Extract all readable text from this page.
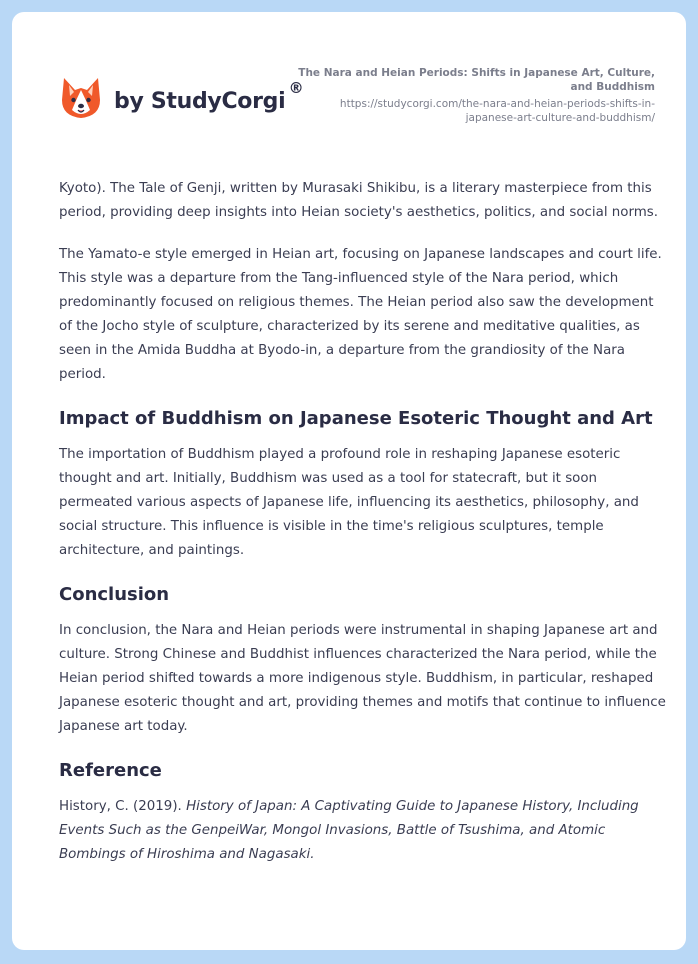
by StudyCorgi
®
The Nara and Heian Periods: Shifts in Japanese Art, Culture, and Buddhism
https://studycorgi.com/the-nara-and-heian-periods-shifts-in-japanese-art-culture-and-buddhism/

Kyoto). The Tale of Genji, written by Murasaki Shikibu, is a literary masterpiece from this period, providing deep insights into Heian society's aesthetics, politics, and social norms.

The Yamato-e style emerged in Heian art, focusing on Japanese landscapes and court life. This style was a departure from the Tang-influenced style of the Nara period, which predominantly focused on religious themes. The Heian period also saw the development of the Jocho style of sculpture, characterized by its serene and meditative qualities, as seen in the Amida Buddha at Byodo-in, a departure from the grandiosity of the Nara period.

Impact of Buddhism on Japanese Esoteric Thought and Art

The importation of Buddhism played a profound role in reshaping Japanese esoteric thought and art. Initially, Buddhism was used as a tool for statecraft, but it soon permeated various aspects of Japanese life, influencing its aesthetics, philosophy, and social structure. This influence is visible in the time's religious sculptures, temple architecture, and paintings.

Conclusion

In conclusion, the Nara and Heian periods were instrumental in shaping Japanese art and culture. Strong Chinese and Buddhist influences characterized the Nara period, while the Heian period shifted towards a more indigenous style. Buddhism, in particular, reshaped Japanese esoteric thought and art, providing themes and motifs that continue to influence Japanese art today.

Reference

History, C. (2019). History of Japan: A Captivating Guide to Japanese History, Including Events Such as the GenpeiWar, Mongol Invasions, Battle of Tsushima, and Atomic Bombings of Hiroshima and Nagasaki.
